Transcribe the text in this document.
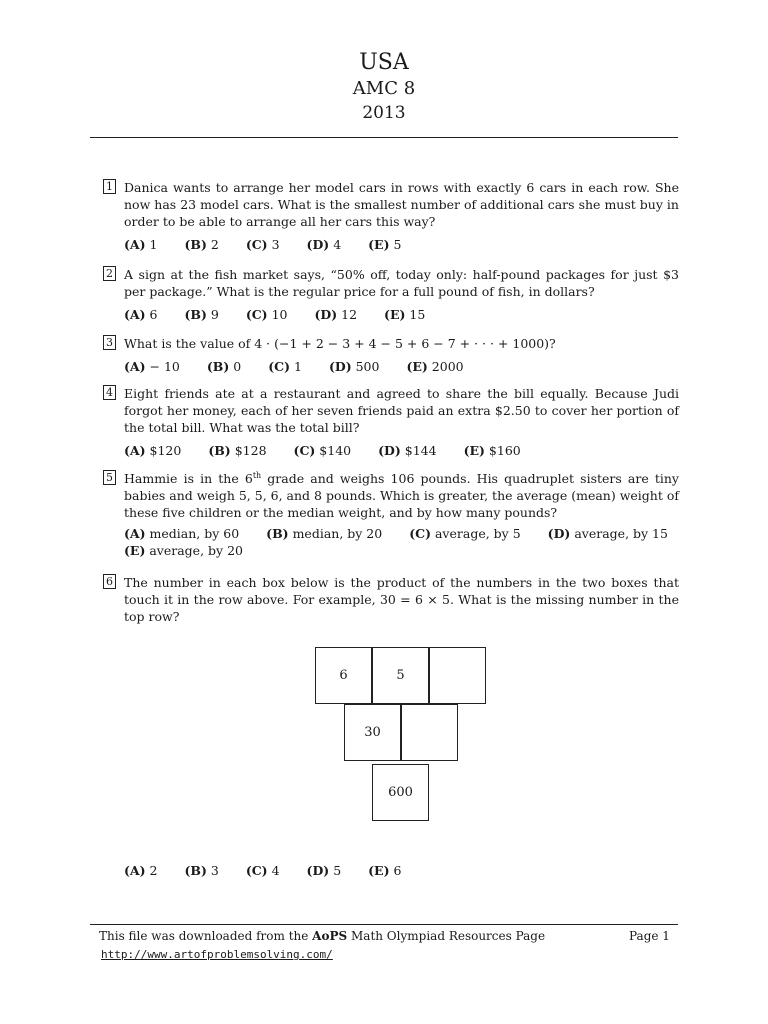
USA
AMC 8
2013
1 Danica wants to arrange her model cars in rows with exactly 6 cars in each row. She now has 23 model cars. What is the smallest number of additional cars she must buy in order to be able to arrange all her cars this way?
(A) 1 (B) 2 (C) 3 (D) 4 (E) 5
2 A sign at the fish market says, “50% off, today only: half-pound packages for just $3 per package.” What is the regular price for a full pound of fish, in dollars?
(A) 6 (B) 9 (C) 10 (D) 12 (E) 15
3 What is the value of 4 · (−1 + 2 − 3 + 4 − 5 + 6 − 7 + · · · + 1000)?
(A) − 10 (B) 0 (C) 1 (D) 500 (E) 2000
4 Eight friends ate at a restaurant and agreed to share the bill equally. Because Judi forgot her money, each of her seven friends paid an extra $2.50 to cover her portion of the total bill. What was the total bill?
(A) $120 (B) $128 (C) $140 (D) $144 (E) $160
5 Hammie is in the 6th grade and weighs 106 pounds. His quadruplet sisters are tiny babies and weigh 5, 5, 6, and 8 pounds. Which is greater, the average (mean) weight of these five children or the median weight, and by how many pounds?
(A) median, by 60 (B) median, by 20 (C) average, by 5 (D) average, by 15
(E) average, by 20
6 The number in each box below is the product of the numbers in the two boxes that touch it in the row above. For example, 30 = 6 × 5. What is the missing number in the top row?
6	5
30
600
(A) 2 (B) 3 (C) 4 (D) 5 (E) 6
This file was downloaded from the AoPS Math Olympiad Resources Page
http://www.artofproblemsolving.com/
Page 1
